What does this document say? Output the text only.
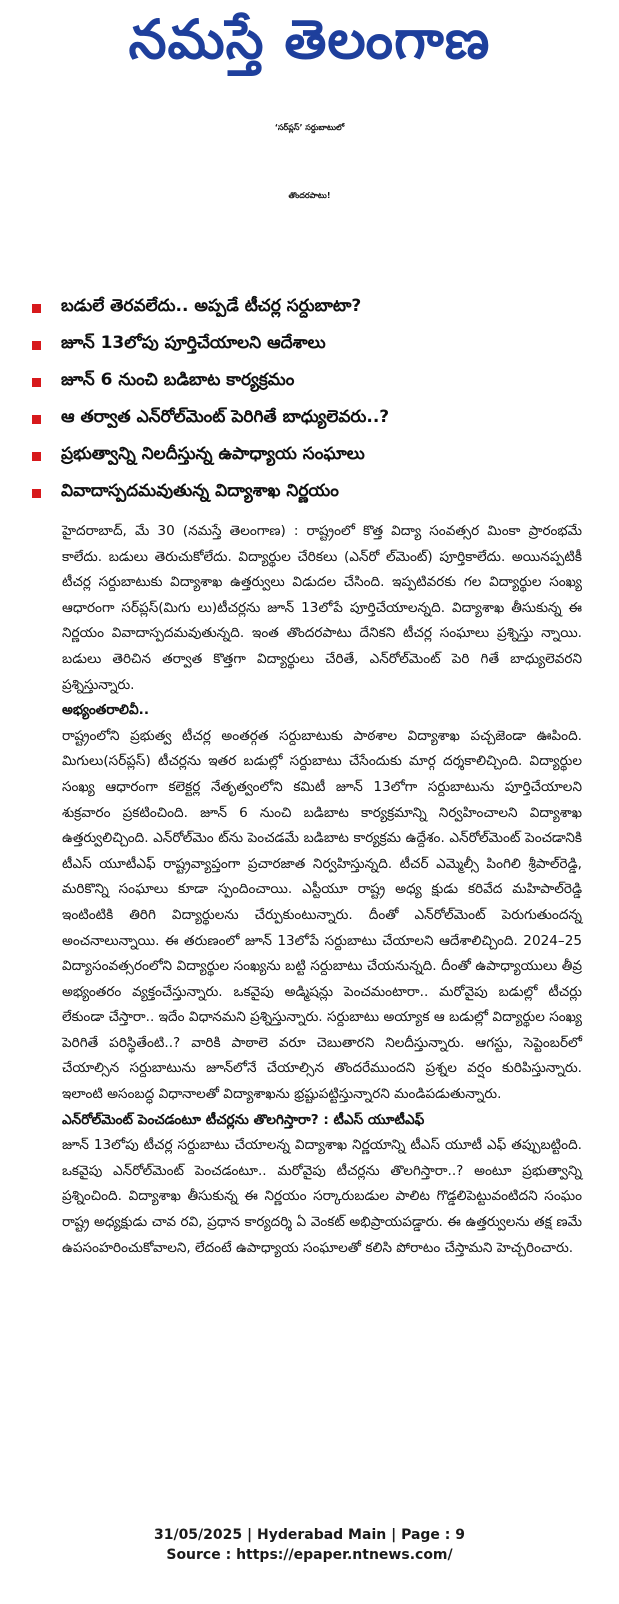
నమస్తే తెలంగాణ
‘సర్‌ప్లస్‌’ సర్దుబాటులో
తొందరపాటు!
బడులే తెరవలేదు.. అప్పడే టీచర్ల సర్దుబాటా?
జూన్‌ 13లోపు పూర్తిచేయాలని ఆదేశాలు
జూన్‌ 6 నుంచి బడిబాట కార్యక్రమం
ఆ తర్వాత ఎన్‌రోల్‌మెంట్‌ పెరిగితే బాధ్యులెవరు..?
ప్రభుత్వాన్ని నిలదీస్తున్న ఉపాధ్యాయ సంఘాలు
వివాదాస్పదమవుతున్న విద్యాశాఖ నిర్ణయం

హైదరాబాద్‌, మే 30 (నమస్తే తెలంగాణ) : రాష్ట్రంలో కొత్త విద్యా సంవత్సర మింకా ప్రారంభమే కాలేదు. బడులు తెరుచుకోలేదు. విద్యార్థుల చేరికలు (ఎన్‌రో ల్‌మెంట్‌) పూర్తికాలేదు. అయినప్పటికీ టీచర్ల సర్దుబాటుకు విద్యాశాఖ ఉత్తర్వులు విడుదల చేసింది. ఇప్పటివరకు గల విద్యార్థుల సంఖ్య ఆధారంగా సర్‌ప్లస్‌(మిగు లు)టీచర్లను జూన్‌ 13లోపే పూర్తిచేయాలన్నది. విద్యాశాఖ తీసుకున్న ఈ నిర్ణయం వివాదాస్పదమవుతున్నది. ఇంత తొందరపాటు దేనికని టీచర్ల సంఘాలు ప్రశ్నిస్తు న్నాయి. బడులు తెరిచిన తర్వాత కొత్తగా విద్యార్థులు చేరితే, ఎన్‌రోల్‌మెంట్‌ పెరి గితే బాధ్యులెవరని ప్రశ్నిస్తున్నారు.

అభ్యంతరాలివీ..

రాష్ట్రంలోని ప్రభుత్వ టీచర్ల అంతర్గత సర్దుబాటుకు పాఠశాల విద్యాశాఖ పచ్చజెండా ఊపింది. మిగులు(సర్‌ప్లస్‌) టీచర్లను ఇతర బడుల్లో సర్దుబాటు చేసేందుకు మార్గ దర్శకాలిచ్చింది. విద్యార్థుల సంఖ్య ఆధారంగా కలెక్టర్ల నేతృత్వంలోని కమిటీ జూన్‌ 13లోగా సర్దుబాటును పూర్తిచేయాలని శుక్రవారం ప్రకటించింది. జూన్‌ 6 నుంచి బడిబాట కార్యక్రమాన్ని నిర్వహించాలని విద్యాశాఖ ఉత్తర్వులిచ్చింది. ఎన్‌రోల్‌మెం ట్‌ను పెంచడమే బడిబాట కార్యక్రమ ఉద్దేశం. ఎన్‌రోల్‌మెంట్‌ పెంచడానికి టీఎస్‌ యూటీఎఫ్‌ రాష్ట్రవ్యాప్తంగా ప్రచారజాత నిర్వహిస్తున్నది. టీచర్‌ ఎమ్మెల్సీ పింగిలి శ్రీపాల్‌రెడ్డి, మరికొన్ని సంఘాలు కూడా స్పందించాయి. ఎస్టీయూ రాష్ట్ర అధ్య క్షుడు కరివేద మహిపాల్‌రెడ్డి ఇంటింటికి తిరిగి విద్యార్థులను చేర్పుకుంటున్నారు. దీంతో ఎన్‌రోల్‌మెంట్‌ పెరుగుతుందన్న అంచనాలున్నాయి. ఈ తరుణంలో జూన్‌ 13లోపే సర్దుబాటు చేయాలని ఆదేశాలిచ్చింది. 2024–25 విద్యాసంవత్సరంలోని విద్యార్థుల సంఖ్యను బట్టి సర్దుబాటు చేయనున్నది. దీంతో ఉపాధ్యాయులు తీవ్ర అభ్యంతరం వ్యక్తంచేస్తున్నారు. ఒకవైపు అడ్మిషన్లు పెంచమంటారా.. మరోవైపు బడుల్లో టీచర్లు లేకుండా చేస్తారా.. ఇదేం విధానమని ప్రశ్నిస్తున్నారు. సర్దుబాటు అయ్యాక ఆ బడుల్లో విద్యార్థుల సంఖ్య పెరిగితే పరిస్థితేంటి..? వారికి పాఠాలె వరూ చెబుతారని నిలదీస్తున్నారు. ఆగస్టు, సెప్టెంబర్‌లో చేయాల్సిన సర్దుబాటును జూన్‌లోనే చేయాల్సిన తొందరేముందని ప్రశ్నల వర్షం కురిపిస్తున్నారు. ఇలాంటి అసంబద్ధ విధానాలతో విద్యాశాఖను భ్రష్టుపట్టిస్తున్నారని మండిపడుతున్నారు.

ఎన్‌రోల్‌మెంట్‌ పెంచడంటూ టీచర్లను తొలగిస్తారా? : టీఎస్‌ యూటీఎఫ్‌

జూన్‌ 13లోపు టీచర్ల సర్దుబాటు చేయాలన్న విద్యాశాఖ నిర్ణయాన్ని టీఎస్‌ యూటీ ఎఫ్‌ తప్పుబట్టింది. ఒకవైపు ఎన్‌రోల్‌మెంట్‌ పెంచడంటూ.. మరోవైపు టీచర్లను తొలగిస్తారా..? అంటూ ప్రభుత్వాన్ని ప్రశ్నించింది. విద్యాశాఖ తీసుకున్న ఈ నిర్ణయం సర్కారుబడుల పాలిట గొడ్డలిపెట్టువంటిదని సంఘం రాష్ట్ర అధ్యక్షుడు చావ రవి, ప్రధాన కార్యదర్శి ఏ వెంకట్‌ అభిప్రాయపడ్డారు. ఈ ఉత్తర్వులను తక్ష ణమే ఉపసంహరించుకోవాలని, లేదంటే ఉపాధ్యాయ సంఘాలతో కలిసి పోరాటం చేస్తామని హెచ్చరించారు.

31/05/2025 | Hyderabad Main | Page : 9
Source : https://epaper.ntnews.com/
